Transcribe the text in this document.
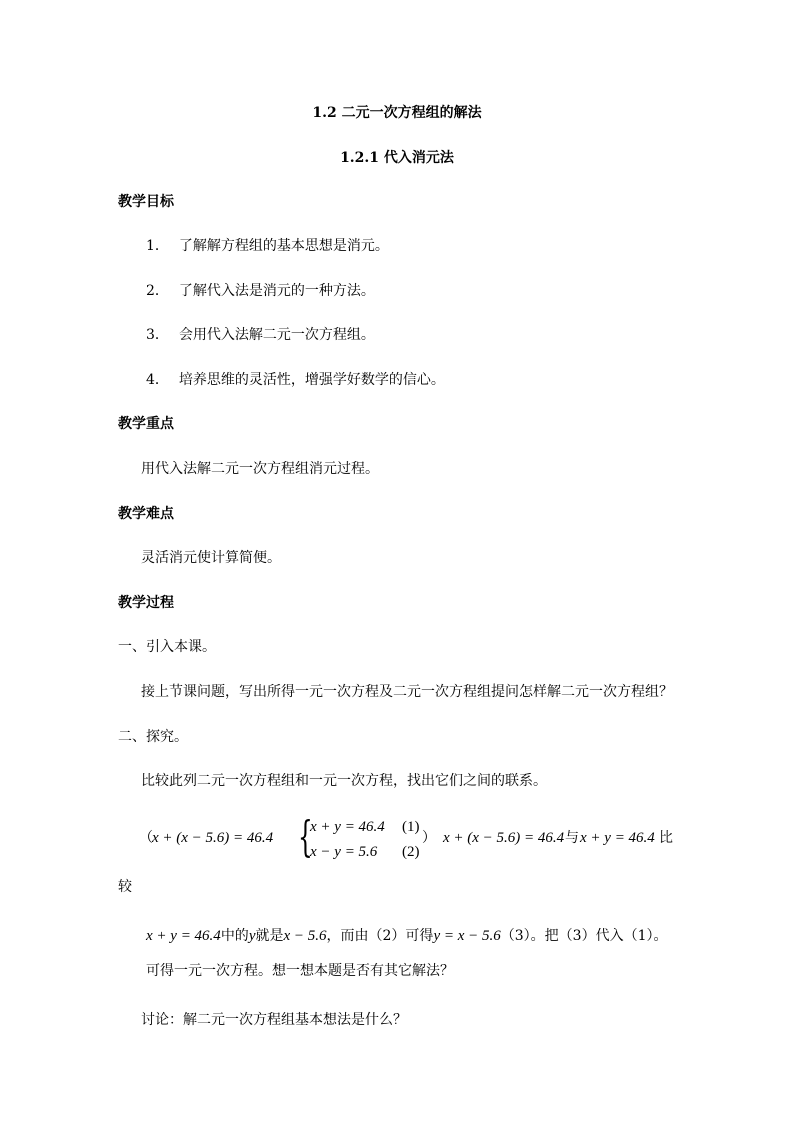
1.2 二元一次方程组的解法
1.2.1 代入消元法
教学目标
1． 了解解方程组的基本思想是消元。
2． 了解代入法是消元的一种方法。
3． 会用代入法解二元一次方程组。
4． 培养思维的灵活性，增强学好数学的信心。
教学重点
用代入法解二元一次方程组消元过程。
教学难点
灵活消元使计算简便。
教学过程
一、引入本课。
接上节课问题，写出所得一元一次方程及二元一次方程组提问怎样解二元一次方程组？
二、探究。
比较此列二元一次方程组和一元一次方程，找出它们之间的联系。
（ x + (x − 5.6) = 46.4 {
x + y = 46.4 (1)
x − y = 5.6 (2)
） x + (x − 5.6) = 46.4 与 x + y = 46.4 比
较
x + y = 46.4中的y就是x − 5.6，而由（2）可得y = x − 5.6（3）。把（3）代入（1）。
可得一元一次方程。想一想本题是否有其它解法？
讨论：解二元一次方程组基本想法是什么？
